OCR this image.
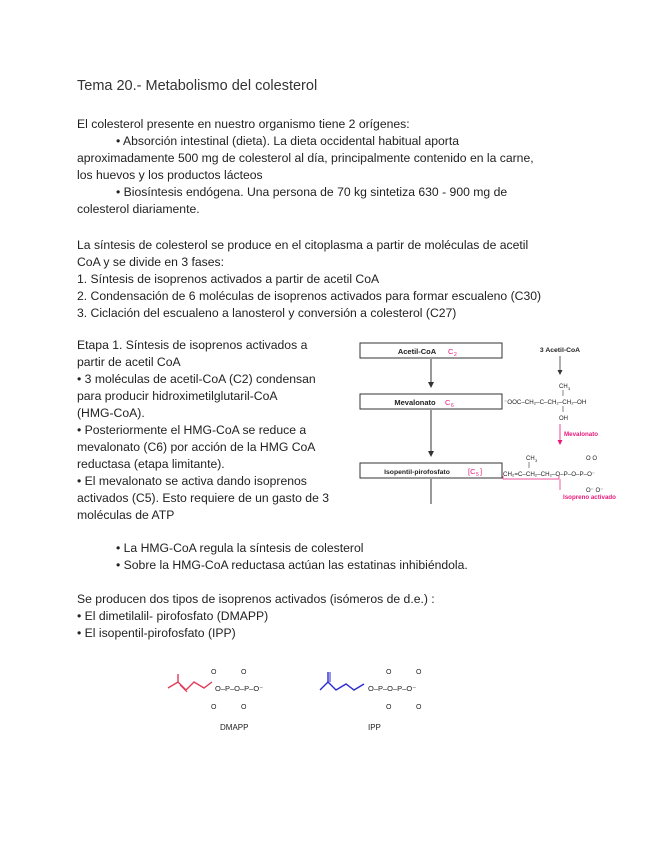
Tema 20.- Metabolismo del colesterol
El colesterol presente en nuestro organismo tiene 2 orígenes:
• Absorción intestinal (dieta). La dieta occidental habitual aporta
aproximadamente 500 mg de colesterol al día, principalmente contenido en la carne,
los huevos y los productos lácteos
• Biosíntesis endógena. Una persona de 70 kg sintetiza 630 - 900 mg de
colesterol diariamente.
La síntesis de colesterol se produce en el citoplasma a partir de moléculas de acetil
CoA y se divide en 3 fases:
1. Síntesis de isoprenos activados a partir de acetil CoA
2. Condensación de 6 moléculas de isoprenos activados para formar escualeno (C30)
3. Ciclación del escualeno a lanosterol y conversión a colesterol (C27)
Etapa 1. Síntesis de isoprenos activados a
partir de acetil CoA
• 3 moléculas de acetil-CoA (C2) condensan
para producir hidroximetilglutaril-CoA
(HMG-CoA).
• Posteriormente el HMG-CoA se reduce a
mevalonato (C6) por acción de la HMG CoA
reductasa (etapa limitante).
• El mevalonato se activa dando isoprenos
activados (C5). Esto requiere de un gasto de 3
moléculas de ATP
Acetil-CoA C 2
Mevalonato C 6
Isopentil-pirofosfato [C 5 ]
3 Acetil-CoA
CH 3
⁻OOC–CH₂–C–CH₂–CH₂–OH
OH
Mevalonato
CH 3	O O
CH₂=C–CH₂–CH₂–O–P–O–P–O⁻
O⁻ O⁻
Isopreno activado
• La HMG-CoA regula la síntesis de colesterol
• Sobre la HMG-CoA reductasa actúan las estatinas inhibiéndola.
Se producen dos tipos de isoprenos activados (isómeros de d.e.) :
• El dimetilalil- pirofosfato (DMAPP)
• El isopentil-pirofosfato (IPP)
O	O
O–P–O–P–O⁻
O	O
DMAPP
O	O
O–P–O–P–O⁻
O	O
IPP
